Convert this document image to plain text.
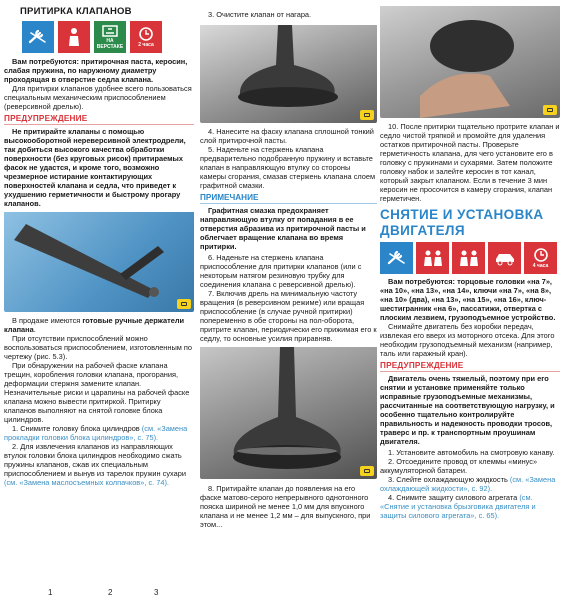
ПРИТИРКА КЛАПАНОВ
НА ВЕРСТАКЕ	2 часа

Вам потребуются: притирочная паста, керосин, слабая пружина, по наружному диаметру проходящая в отверстие седла клапана.

Для притирки клапанов удобнее всего пользоваться специальным механическим приспособлением (реверсивной дрелью).

ПРЕДУПРЕЖДЕНИЕ

Не притирайте клапаны с помощью высокооборотной нереверсивной электродрели, так добиться высокого качества обработки поверхности (без круговых рисок) притираемых фасок не удастся, и кроме того, возможно чрезмерное истирание контактирующих поверхностей клапана и седла, что приведет к ухудшению герметичности и быстрому прогару клапанов.

В продаже имеются готовые ручные держатели клапана.

При отсутствии приспособлений можно воспользоваться приспособлением, изготовленным по чертежу (рис. 5.3).

При обнаружении на рабочей фаске клапана трещин, коробления головки клапана, прогорания, деформации стержня замените клапан. Незначительные риски и царапины на рабочей фаске клапана можно вывести притиркой. Притирку клапанов выполняют на снятой головке блока цилиндров.

1. Снимите головку блока цилиндров (см. «Замена прокладки головки блока цилиндров», с. 75).

2. Для извлечения клапанов из направляющих втулок головки блока цилиндров необходимо сжать пружины клапанов, сжав их специальным приспособлением и вынув из тарелок пружин сухари (см. «Замена маслосъемных колпачков», с. 74).

1	2	3

3. Очистите клапан от нагара.

4. Нанесите на фаску клапана сплошной тонкий слой притирочной пасты.

5. Наденьте на стержень клапана предварительно подобранную пружину и вставьте клапан в направляющую втулку со стороны камеры сгорания, смазав стержень клапана слоем графитной смазки.

ПРИМЕЧАНИЕ

Графитная смазка предохраняет направляющую втулку от попадания в ее отверстия абразива из притирочной пасты и облегчает вращение клапана во время притирки.

6. Наденьте на стержень клапана приспособление для притирки клапанов (или с некоторым натягом резиновую трубку для соединения клапана с реверсивной дрелью).

7. Включив дрель на минимальную частоту вращения (в реверсивном режиме) или вращая приспособление (в случае ручной притирки) попеременно в обе стороны на пол-оборота, притрите клапан, периодически его прижимая его к седлу, то основные усилия приравняв.

8. Притирайте клапан до появления на его фаске матово-серого непрерывного однотонного пояска шириной не менее 1,0 мм для впускного клапана и не менее 1,2 мм – для выпускного, при этом...

10. После притирки тщательно протрите клапан и седло чистой тряпкой и промойте для удаления остатков притирочной пасты. Проверьте герметичность клапана, для чего установите его в головку с пружинами и сухарями. Затем положите головку набок и залейте керосин в тот канал, который закрыт клапаном. Если в течение 3 мин керосин не просочится в камеру сгорания, клапан герметичен.

СНЯТИЕ И УСТАНОВКА
ДВИГАТЕЛЯ
4 часа

Вам потребуются: торцовые головки «на 7», «на 10», «на 13», «на 14», ключи «на 7», «на 8», «на 10» (два), «на 13», «на 15», «на 16», ключ-шестигранник «на 6», пассатижи, отвертка с плоским лезвием, грузоподъемное устройство.

Снимайте двигатель без коробки передач, извлекая его вверх из моторного отсека. Для этого необходим грузоподъемный механизм (например, таль или гаражный кран).

ПРЕДУПРЕЖДЕНИЕ

Двигатель очень тяжелый, поэтому при его снятии и установке применяйте только исправные грузоподъемные механизмы, рассчитанные на соответствующую нагрузку, и особенно тщательно контролируйте правильность и надежность проводки тросов, траверс и пр. к транспортным проушинам двигателя.

1. Установите автомобиль на смотровую канаву.

2. Отсоедините провод от клеммы «минус» аккумуляторной батареи.

3. Слейте охлаждающую жидкость (см. «Замена охлаждающей жидкости», с. 92).

4. Снимите защиту силового агрегата (см. «Снятие и установка брызговика двигателя и защиты силового агрегата», с. 65).
